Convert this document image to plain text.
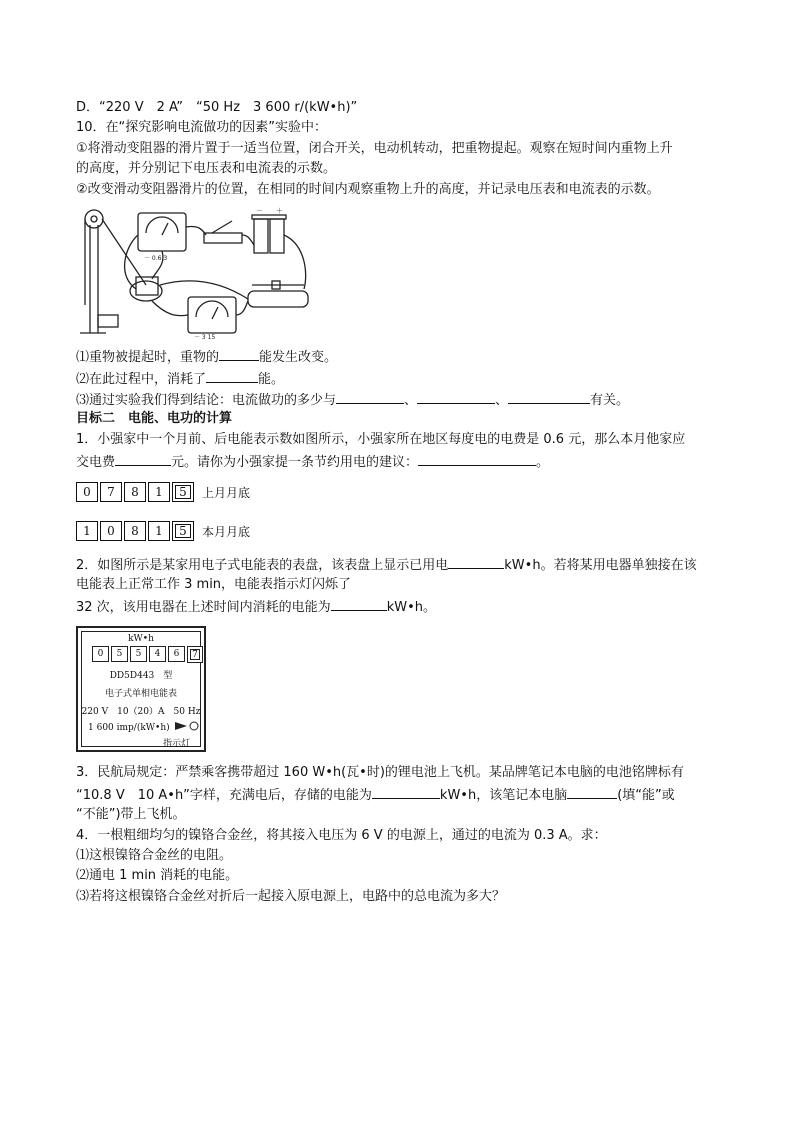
D．“220 V　2 A”　“50 Hz　3 600 r/(kW•h)”
10．在“探究影响电流做功的因素”实验中：
①将滑动变阻器的滑片置于一适当位置，闭合开关，电动机转动，把重物提起。观察在短时间内重物上升
的高度，并分别记下电压表和电流表的示数。
②改变滑动变阻器滑片的位置，在相同的时间内观察重物上升的高度，并记录电压表和电流表的示数。
－ 0.6 3
－ 3 15
－ ＋
⑴重物被提起时，重物的	能发生改变。
⑵在此过程中，消耗了	能。
⑶通过实验我们得到结论：电流做功的多少与	、	、	有关。
目标二　电能、电功的计算
1．小强家中一个月前、后电能表示数如图所示，小强家所在地区每度电的电费是 0.6 元，那么本月他家应
交电费	元。请你为小强家提一条节约用电的建议：	。
0	7	8	1	5	上月月底
1	0	8	1	5	本月月底
2．如图所示是某家用电子式电能表的表盘，该表盘上显示已用电	kW•h。若将某用电器单独接在该
电能表上正常工作 3 min，电能表指示灯闪烁了
32 次，该用电器在上述时间内消耗的电能为	kW•h。
kW•h
0	5	5	4	6	7
DD5D443　型
电子式单相电能表
220 V　10（20）A　50 Hz
1 600 imp/(kW•h)
指示灯
3．民航局规定：严禁乘客携带超过 160 W•h(瓦•时)的锂电池上飞机。某品牌笔记本电脑的电池铭牌标有
“10.8 V　10 A•h”字样，充满电后，存储的电能为	kW•h，该笔记本电脑	(填“能”或
“不能”)带上飞机。
4．一根粗细均匀的镍铬合金丝，将其接入电压为 6 V 的电源上，通过的电流为 0.3 A。求：
⑴这根镍铬合金丝的电阻。
⑵通电 1 min 消耗的电能。
⑶若将这根镍铬合金丝对折后一起接入原电源上，电路中的总电流为多大？
